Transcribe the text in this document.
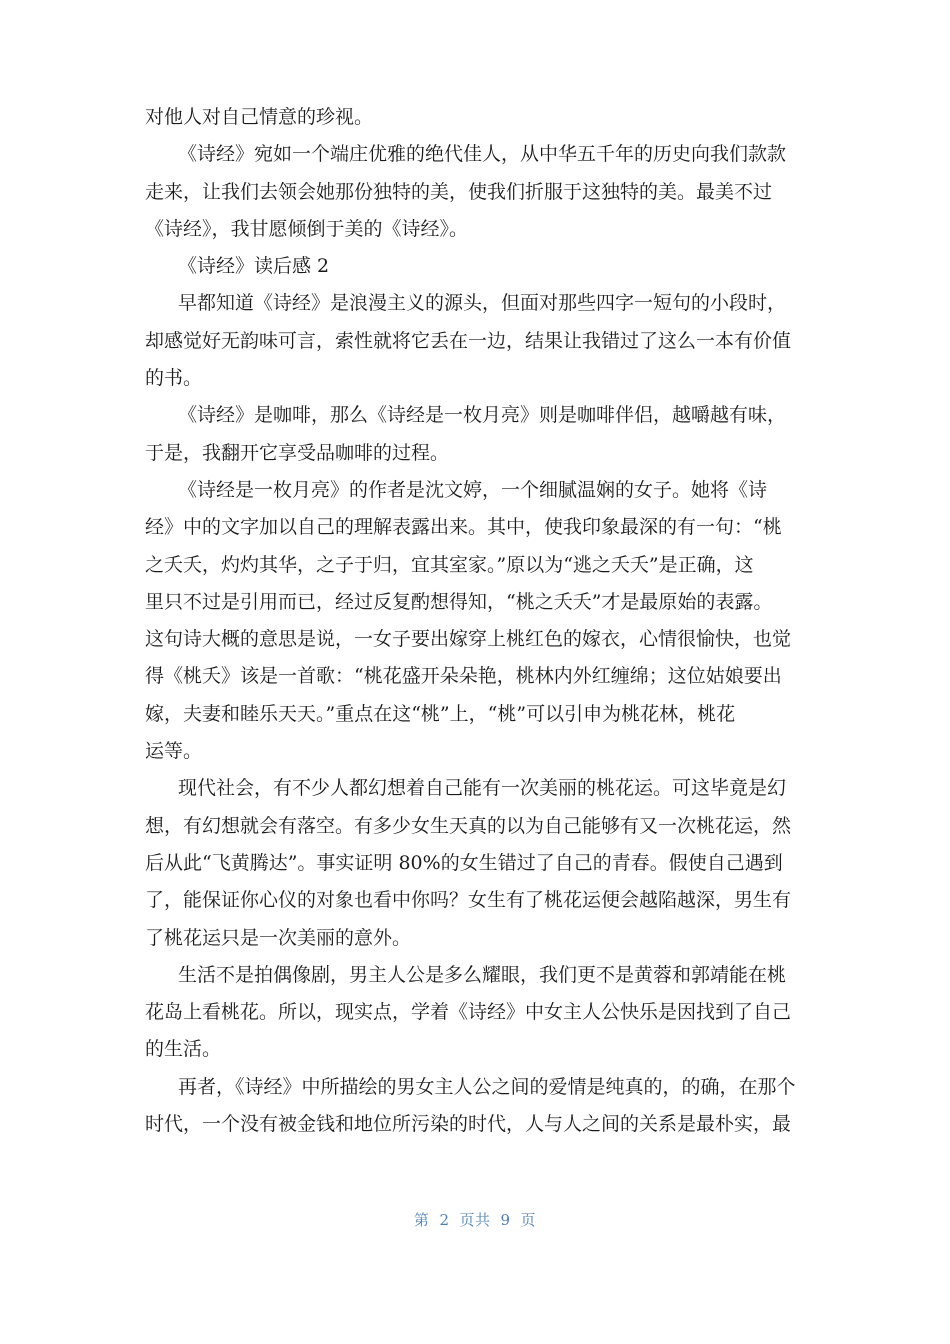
对他人对自己情意的珍视。
《诗经》宛如一个端庄优雅的绝代佳人，从中华五千年的历史向我们款款
走来，让我们去领会她那份独特的美，使我们折服于这独特的美。最美不过
《诗经》，我甘愿倾倒于美的《诗经》。
《诗经》读后感 2
早都知道《诗经》是浪漫主义的源头，但面对那些四字一短句的小段时，
却感觉好无韵味可言，索性就将它丢在一边，结果让我错过了这么一本有价值
的书。
《诗经》是咖啡，那么《诗经是一枚月亮》则是咖啡伴侣，越嚼越有味，
于是，我翻开它享受品咖啡的过程。
《诗经是一枚月亮》的作者是沈文婷，一个细腻温娴的女子。她将《诗
经》中的文字加以自己的理解表露出来。其中，使我印象最深的有一句：“桃
之夭夭，灼灼其华，之子于归，宜其室家。”原以为“逃之夭夭”是正确，这
里只不过是引用而已，经过反复酌想得知，“桃之夭夭”才是最原始的表露。
这句诗大概的意思是说，一女子要出嫁穿上桃红色的嫁衣，心情很愉快，也觉
得《桃夭》该是一首歌：“桃花盛开朵朵艳，桃林内外红缠绵；这位姑娘要出
嫁，夫妻和睦乐天天。”重点在这“桃”上，“桃”可以引申为桃花林，桃花
运等。
现代社会，有不少人都幻想着自己能有一次美丽的桃花运。可这毕竟是幻
想，有幻想就会有落空。有多少女生天真的以为自己能够有又一次桃花运，然
后从此“飞黄腾达”。事实证明 80%的女生错过了自己的青春。假使自己遇到
了，能保证你心仪的对象也看中你吗？女生有了桃花运便会越陷越深，男生有
了桃花运只是一次美丽的意外。
生活不是拍偶像剧，男主人公是多么耀眼，我们更不是黄蓉和郭靖能在桃
花岛上看桃花。所以，现实点，学着《诗经》中女主人公快乐是因找到了自己
的生活。
再者，《诗经》中所描绘的男女主人公之间的爱情是纯真的，的确，在那个
时代，一个没有被金钱和地位所污染的时代，人与人之间的关系是最朴实，最
第 2 页共 9 页
